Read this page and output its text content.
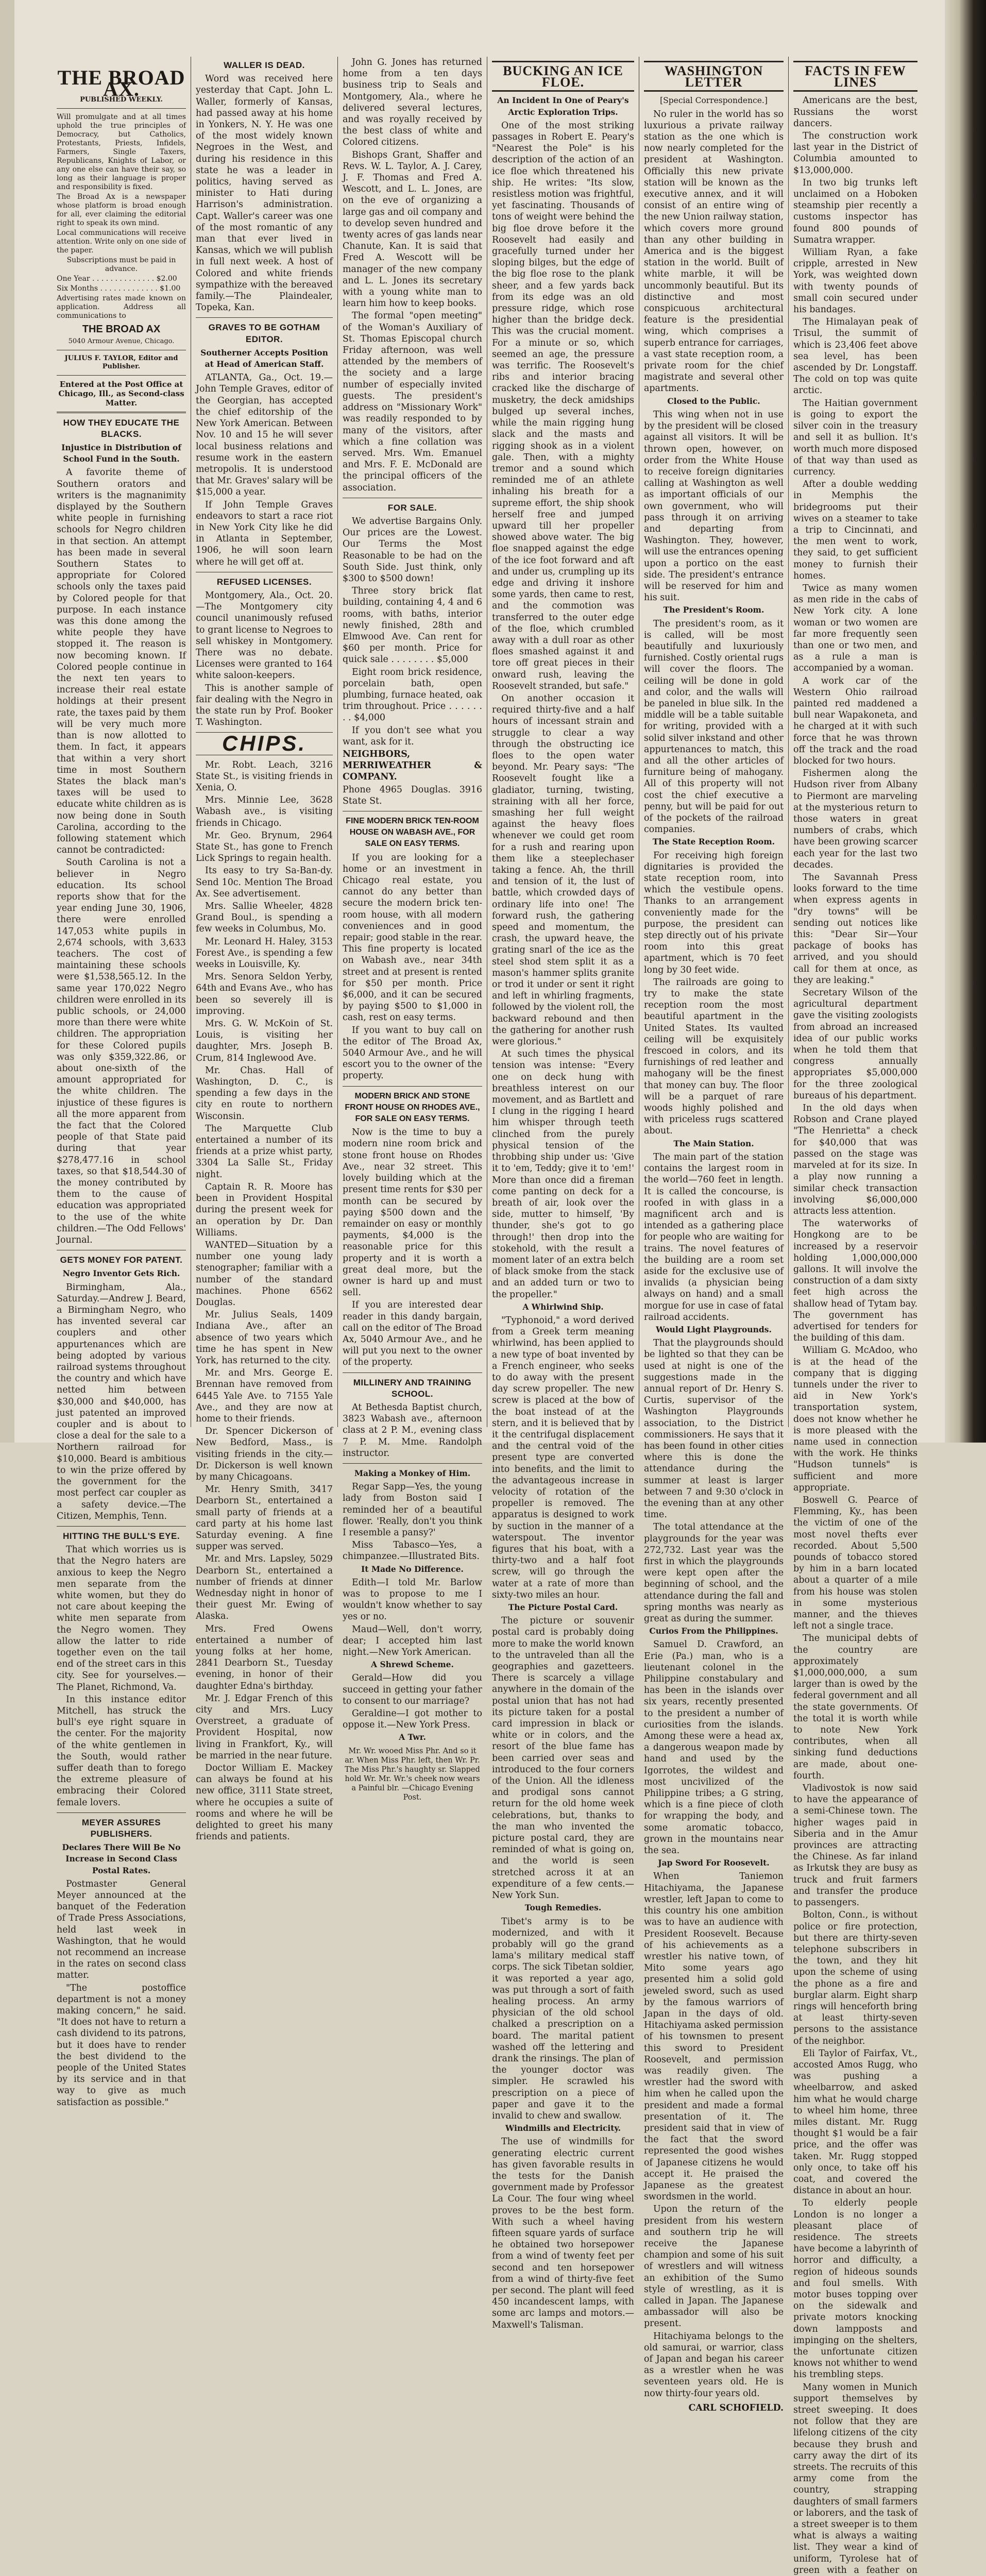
THE BROAD AX.
PUBLISHED WEEKLY.

Will promulgate and at all times uphold the true principles of Democracy, but Catholics, Protestants, Priests, Infidels, Farmers, Single Taxers, Republicans, Knights of Labor, or any one else can have their say, so long as their language is proper and responsibility is fixed.

The Broad Ax is a newspaper whose platform is broad enough for all, ever claiming the editorial right to speak its own mind.

Local communications will receive attention. Write only on one side of the paper.

Subscriptions must be paid in advance.

One Year . . . . . . . . . . . . . . $2.00

Six Months . . . . . . . . . . . . . $1.00

Advertising rates made known on application. Address all communications to

THE BROAD AX
5040 Armour Avenue, Chicago.
JULIUS F. TAYLOR, Editor and Publisher.
Entered at the Post Office at Chicago, Ill., as Second-class Matter.
HOW THEY EDUCATE THE BLACKS.
Injustice in Distribution of School Fund in the South.

A favorite theme of Southern orators and writers is the magnanimity displayed by the Southern white people in furnishing schools for Negro children in that section. An attempt has been made in several Southern States to appropriate for Colored schools only the taxes paid by Colored people for that purpose. In each instance was this done among the white people they have stopped it. The reason is now becoming known. If Colored people continue in the next ten years to increase their real estate holdings at their present rate, the taxes paid by them will be very much more than is now allotted to them. In fact, it appears that within a very short time in most Southern States the black man's taxes will be used to educate white children as is now being done in South Carolina, according to the following statement which cannot be contradicted:

South Carolina is not a believer in Negro education. Its school reports show that for the year ending June 30, 1906, there were enrolled 147,053 white pupils in 2,674 schools, with 3,633 teachers. The cost of maintaining these schools were $1,538,565.12. In the same year 170,022 Negro children were enrolled in its public schools, or 24,000 more than there were white children. The appropriation for these Colored pupils was only $359,322.86, or about one-sixth of the amount appropriated for the white children. The injustice of these figures is all the more apparent from the fact that the Colored people of that State paid during that year $278,477.16 in school taxes, so that $18,544.30 of the money contributed by them to the cause of education was appropriated to the use of the white children.—The Odd Fellows' Journal.

GETS MONEY FOR PATENT.
Negro Inventor Gets Rich.

Birmingham, Ala., Saturday.—Andrew J. Beard, a Birmingham Negro, who has invented several car couplers and other appurtenances which are being adopted by various railroad systems throughout the country and which have netted him between $30,000 and $40,000, has just patented an improved coupler and is about to close a deal for the sale to a Northern railroad for $10,000. Beard is ambitious to win the prize offered by the government for the most perfect car coupler as a safety device.—The Citizen, Memphis, Tenn.

HITTING THE BULL'S EYE.

That which worries us is that the Negro haters are anxious to keep the Negro men separate from the white women, but they do not care about keeping the white men separate from the Negro women. They allow the latter to ride together even on the tail end of the street cars in this city. See for yourselves.—The Planet, Richmond, Va.

In this instance editor Mitchell, has struck the bull's eye right square in the center. For the majority of the white gentlemen in the South, would rather suffer death than to forego the extreme pleasure of embracing their Colored female lovers.

MEYER ASSURES PUBLISHERS.
Declares There Will Be No Increase in Second Class Postal Rates.

Postmaster General Meyer announced at the banquet of the Federation of Trade Press Associations, held last week in Washington, that he would not recommend an increase in the rates on second class matter.

"The postoffice department is not a money making concern," he said. "It does not have to return a cash dividend to its patrons, but it does have to render the best dividend to the people of the United States by its service and in that way to give as much satisfaction as possible."

WALLER IS DEAD.

Word was received here yesterday that Capt. John L. Waller, formerly of Kansas, had passed away at his home in Yonkers, N. Y. He was one of the most widely known Negroes in the West, and during his residence in this state he was a leader in politics, having served as minister to Hati during Harrison's administration. Capt. Waller's career was one of the most romantic of any man that ever lived in Kansas, which we will publish in full next week. A host of Colored and white friends sympathize with the bereaved family.—The Plaindealer, Topeka, Kan.

GRAVES TO BE GOTHAM EDITOR.
Southerner Accepts Position at Head of American Staff.

ATLANTA, Ga., Oct. 19.—John Temple Graves, editor of the Georgian, has accepted the chief editorship of the New York American. Between Nov. 10 and 15 he will sever local business relations and resume work in the eastern metropolis. It is understood that Mr. Graves' salary will be $15,000 a year.

If John Temple Graves endeavors to start a race riot in New York City like he did in Atlanta in September, 1906, he will soon learn where he will get off at.

REFUSED LICENSES.

Montgomery, Ala., Oct. 20.—The Montgomery city council unanimously refused to grant license to Negroes to sell whiskey in Montgomery. There was no debate. Licenses were granted to 164 white saloon-keepers.

This is another sample of fair dealing with the Negro in the state run by Prof. Booker T. Washington.

CHIPS.

Mr. Robt. Leach, 3216 State St., is visiting friends in Xenia, O.

Mrs. Minnie Lee, 3628 Wabash ave., is visiting friends in Chicago.

Mr. Geo. Brynum, 2964 State St., has gone to French Lick Springs to regain health.

Its easy to try Sa-Ban-dy. Send 10c. Mention The Broad Ax. See advertisement.

Mrs. Sallie Wheeler, 4828 Grand Boul., is spending a few weeks in Columbus, Mo.

Mr. Leonard H. Haley, 3153 Forest Ave., is spending a few weeks in Louisville, Ky.

Mrs. Senora Seldon Yerby, 64th and Evans Ave., who has been so severely ill is improving.

Mrs. G. W. McKoin of St. Louis, is visiting her daughter, Mrs. Joseph B. Crum, 814 Inglewood Ave.

Mr. Chas. Hall of Washington, D. C., is spending a few days in the city en route to northern Wisconsin.

The Marquette Club entertained a number of its friends at a prize whist party, 3304 La Salle St., Friday night.

Captain R. R. Moore has been in Provident Hospital during the present week for an operation by Dr. Dan Williams.

WANTED—Situation by a number one young lady stenographer; familiar with a number of the standard machines. Phone 6562 Douglas.

Mr. Julius Seals, 1409 Indiana Ave., after an absence of two years which time he has spent in New York, has returned to the city.

Mr. and Mrs. George E. Brennan have removed from 6445 Yale Ave. to 7155 Yale Ave., and they are now at home to their friends.

Dr. Spencer Dickerson of New Bedford, Mass., is visiting friends in the city.—Dr. Dickerson is well known by many Chicagoans.

Mr. Henry Smith, 3417 Dearborn St., entertained a small party of friends at a card party at his home last Saturday evening. A fine supper was served.

Mr. and Mrs. Lapsley, 5029 Dearborn St., entertained a number of friends at dinner Wednesday night in honor of their guest Mr. Ewing of Alaska.

Mrs. Fred Owens entertained a number of young folks at her home, 2841 Dearborn St., Tuesday evening, in honor of their daughter Edna's birthday.

Mr. J. Edgar French of this city and Mrs. Lucy Overstreet, a graduate of Provident Hospital, now living in Frankfort, Ky., will be married in the near future.

Doctor William E. Mackey can always be found at his new office, 3111 State street, where he occupies a suite of rooms and where he will be delighted to greet his many friends and patients.

John G. Jones has returned home from a ten days business trip to Seals and Montgomery, Ala., where he delivered several lectures, and was royally received by the best class of white and Colored citizens.

Bishops Grant, Shaffer and Revs. W. L. Taylor, A. J. Carey, J. F. Thomas and Fred A. Wescott, and L. L. Jones, are on the eve of organizing a large gas and oil company and to develop seven hundred and twenty acres of gas lands near Chanute, Kan. It is said that Fred A. Wescott will be manager of the new company and L. L. Jones its secretary with a young white man to learn him how to keep books.

The formal "open meeting" of the Woman's Auxiliary of St. Thomas Episcopal church Friday afternoon, was well attended by the members of the society and a large number of especially invited guests. The president's address on "Missionary Work" was readily responded to by many of the visitors, after which a fine collation was served. Mrs. Wm. Emanuel and Mrs. F. E. McDonald are the principal officers of the association.

FOR SALE.

We advertise Bargains Only. Our prices are the Lowest. Our Terms the Most Reasonable to be had on the South Side. Just think, only $300 to $500 down!

Three story brick flat building, containing 4, 4 and 6 rooms, with baths, interior newly finished, 28th and Elmwood Ave. Can rent for $60 per month. Price for quick sale . . . . . . . . $5,000

Eight room brick residence, porcelain bath, open plumbing, furnace heated, oak trim throughout. Price . . . . . . . . $4,000

If you don't see what you want, ask for it.

NEIGHBORS, MERRIWEATHER & COMPANY.

Phone 4965 Douglas. 3916 State St.

FINE MODERN BRICK TEN-ROOM HOUSE ON WABASH AVE., FOR SALE ON EASY TERMS.

If you are looking for a home or an investment in Chicago real estate, you cannot do any better than secure the modern brick ten-room house, with all modern conveniences and in good repair; good stable in the rear. This fine property is located on Wabash ave., near 34th street and at present is rented for $50 per month. Price $6,000, and it can be secured by paying $500 to $1,000 in cash, rest on easy terms.

If you want to buy call on the editor of The Broad Ax, 5040 Armour Ave., and he will escort you to the owner of the property.

MODERN BRICK AND STONE FRONT HOUSE ON RHODES AVE., FOR SALE ON EASY TERMS.

Now is the time to buy a modern nine room brick and stone front house on Rhodes Ave., near 32 street. This lovely building which at the present time rents for $30 per month can be secured by paying $500 down and the remainder on easy or monthly payments, $4,000 is the reasonable price for this property and it is worth a great deal more, but the owner is hard up and must sell.

If you are interested dear reader in this dandy bargain, call on the editor of The Broad Ax, 5040 Armour Ave., and he will put you next to the owner of the property.

MILLINERY AND TRAINING SCHOOL.

At Bethesda Baptist church, 3823 Wabash ave., afternoon class at 2 P. M., evening class 7 P. M. Mme. Randolph instructor.

Making a Monkey of Him.

Regar Sapp—Yes, the young lady from Boston said I reminded her of a beautiful flower. 'Really, don't you think I resemble a pansy?'

Miss Tabasco—Yes, a chimpanzee.—Illustrated Bits.

It Made No Difference.

Edith—I told Mr. Barlow was to propose to me I wouldn't know whether to say yes or no.

Maud—Well, don't worry, dear; I accepted him last night.—New York American.

A Shrewd Scheme.

Gerald—How did you succeed in getting your father to consent to our marriage?

Geraldine—I got mother to oppose it.—New York Press.

A Twr.
Mr. Wr. wooed Miss Phr. And so it ar. When Miss Phr. left, then Wr. Pr. The Miss Phr.'s haughty sr. Slapped hold Wr. Mr. Wr.'s cheek now wears a Painful blr. —Chicago Evening Post.
BUCKING AN ICE FLOE.
An Incident In One of Peary's Arctic Exploration Trips.

One of the most striking passages in Robert E. Peary's "Nearest the Pole" is his description of the action of an ice floe which threatened his ship. He writes: "Its slow, resistless motion was frightful, yet fascinating. Thousands of tons of weight were behind the big floe drove before it the Roosevelt had easily and gracefully turned under her sloping bilges, but the edge of the big floe rose to the plank sheer, and a few yards back from its edge was an old pressure ridge, which rose higher than the bridge deck. This was the crucial moment. For a minute or so, which seemed an age, the pressure was terrific. The Roosevelt's ribs and interior bracing cracked like the discharge of musketry, the deck amidships bulged up several inches, while the main rigging hung slack and the masts and rigging shook as in a violent gale. Then, with a mighty tremor and a sound which reminded me of an athlete inhaling his breath for a supreme effort, the ship shook herself free and jumped upward till her propeller showed above water. The big floe snapped against the edge of the ice foot forward and aft and under us, crumpling up its edge and driving it inshore some yards, then came to rest, and the commotion was transferred to the outer edge of the floe, which crumbled away with a dull roar as other floes smashed against it and tore off great pieces in their onward rush, leaving the Roosevelt stranded, but safe."

On another occasion it required thirty-five and a half hours of incessant strain and struggle to clear a way through the obstructing ice floes to the open water beyond. Mr. Peary says: "The Roosevelt fought like a gladiator, turning, twisting, straining with all her force, smashing her full weight against the heavy floes whenever we could get room for a rush and rearing upon them like a steeplechaser taking a fence. Ah, the thrill and tension of it, the lust of battle, which crowded days of ordinary life into one! The forward rush, the gathering speed and momentum, the crash, the upward heave, the grating snarl of the ice as the steel shod stem split it as a mason's hammer splits granite or trod it under or sent it right and left in whirling fragments, followed by the violent roll, the backward rebound and then the gathering for another rush were glorious."

At such times the physical tension was intense: "Every one on deck hung with breathless interest on our movement, and as Bartlett and I clung in the rigging I heard him whisper through teeth clinched from the purely physical tension of the throbbing ship under us: 'Give it to 'em, Teddy; give it to 'em!' More than once did a fireman come panting on deck for a breath of air, look over the side, mutter to himself, 'By thunder, she's got to go through!' then drop into the stokehold, with the result a moment later of an extra belch of black smoke from the stack and an added turn or two to the propeller."

A Whirlwind Ship.

"Typhonoid," a word derived from a Greek term meaning whirlwind, has been applied to a new type of boat invented by a French engineer, who seeks to do away with the present day screw propeller. The new screw is placed at the bow of the boat instead of at the stern, and it is believed that by it the centrifugal displacement and the central void of the present type are converted into benefits, and the limit to the advantageous increase in velocity of rotation of the propeller is removed. The apparatus is designed to work by suction in the manner of a waterspout. The inventor figures that his boat, with a thirty-two and a half foot screw, will go through the water at a rate of more than sixty-two miles an hour.

The Picture Postal Card.

The picture or souvenir postal card is probably doing more to make the world known to the untraveled than all the geographies and gazetteers. There is scarcely a village anywhere in the domain of the postal union that has not had its picture taken for a postal card impression in black or white or in colors, and the resort of the blue fame has been carried over seas and introduced to the four corners of the Union. All the idleness and prodigal sons cannot return for the old home week celebrations, but, thanks to the man who invented the picture postal card, they are reminded of what is going on, and the world is seen stretched across it at an expenditure of a few cents.—New York Sun.

Tough Remedies.

Tibet's army is to be modernized, and with it probably will go the grand lama's military medical staff corps. The sick Tibetan soldier, it was reported a year ago, was put through a sort of faith healing process. An army physician of the old school chalked a prescription on a board. The marital patient washed off the lettering and drank the rinsings. The plan of the younger doctor was simpler. He scrawled his prescription on a piece of paper and gave it to the invalid to chew and swallow.

Windmills and Electricity.

The use of windmills for generating electric current has given favorable results in the tests for the Danish government made by Professor La Cour. The four wing wheel proves to be the best form. With such a wheel having fifteen square yards of surface he obtained two horsepower from a wind of twenty feet per second and ten horsepower from a wind of thirty-five feet per second. The plant will feed 450 incandescent lamps, with some arc lamps and motors.—Maxwell's Talisman.

WASHINGTON LETTER
[Special Correspondence.]

No ruler in the world has so luxurious a private railway station as the one which is now nearly completed for the president at Washington. Officially this new private station will be known as the executive annex, and it will consist of an entire wing of the new Union railway station, which covers more ground than any other building in America and is the biggest station in the world. Built of white marble, it will be uncommonly beautiful. But its distinctive and most conspicuous architectural feature is the presidential wing, which comprises a superb entrance for carriages, a vast state reception room, a private room for the chief magistrate and several other apartments.

Closed to the Public.

This wing when not in use by the president will be closed against all visitors. It will be thrown open, however, on order from the White House to receive foreign dignitaries calling at Washington as well as important officials of our own government, who will pass through it on arriving and departing from Washington. They, however, will use the entrances opening upon a portico on the east side. The president's entrance will be reserved for him and his suit.

The President's Room.

The president's room, as it is called, will be most beautifully and luxuriously furnished. Costly oriental rugs will cover the floors. The ceiling will be done in gold and color, and the walls will be paneled in blue silk. In the middle will be a table suitable for writing, provided with a solid silver inkstand and other appurtenances to match, this and all the other articles of furniture being of mahogany. All of this property will not cost the chief executive a penny, but will be paid for out of the pockets of the railroad companies.

The State Reception Room.

For receiving high foreign dignitaries is provided the state reception room, into which the vestibule opens. Thanks to an arrangement conveniently made for the purpose, the president can step directly out of his private room into this great apartment, which is 70 feet long by 30 feet wide.

The railroads are going to try to make the state reception room the most beautiful apartment in the United States. Its vaulted ceiling will be exquisitely frescoed in colors, and its furnishings of red leather and mahogany will be the finest that money can buy. The floor will be a parquet of rare woods highly polished and with priceless rugs scattered about.

The Main Station.

The main part of the station contains the largest room in the world—760 feet in length. It is called the concourse, is roofed in with glass in a magnificent arch and is intended as a gathering place for people who are waiting for trains. The novel features of the building are a room set aside for the exclusive use of invalids (a physician being always on hand) and a small morgue for use in case of fatal railroad accidents.

Would Light Playgrounds.

That the playgrounds should be lighted so that they can be used at night is one of the suggestions made in the annual report of Dr. Henry S. Curtis, supervisor of the Washington Playgrounds association, to the District commissioners. He says that it has been found in other cities where this is done the attendance during the summer at least is larger between 7 and 9:30 o'clock in the evening than at any other time.

The total attendance at the playgrounds for the year was 272,732. Last year was the first in which the playgrounds were kept open after the beginning of school, and the attendance during the fall and spring months was nearly as great as during the summer.

Curios From the Philippines.

Samuel D. Crawford, an Erie (Pa.) man, who is a lieutenant colonel in the Philippine constabulary and has been in the islands over six years, recently presented to the president a number of curiosities from the islands. Among these were a head ax, a dangerous weapon made by hand and used by the Igorrotes, the wildest and most uncivilized of the Philippine tribes; a G string, which is a fine piece of cloth for wrapping the body, and some aromatic tobacco, grown in the mountains near the sea.

Jap Sword For Roosevelt.

When Taniemon Hitachiyama, the Japanese wrestler, left Japan to come to this country his one ambition was to have an audience with President Roosevelt. Because of his achievements as a wrestler his native town, of Mito some years ago presented him a solid gold jeweled sword, such as used by the famous warriors of Japan in the days of old. Hitachiyama asked permission of his townsmen to present this sword to President Roosevelt, and permission was readily given. The wrestler had the sword with him when he called upon the president and made a formal presentation of it. The president said that in view of the fact that the sword represented the good wishes of Japanese citizens he would accept it. He praised the Japanese as the greatest swordsmen in the world.

Upon the return of the president from his western and southern trip he will receive the Japanese champion and some of his suit of wrestlers and will witness an exhibition of the Sumo style of wrestling, as it is called in Japan. The Japanese ambassador will also be present.

Hitachiyama belongs to the old samurai, or warrior, class of Japan and began his career as a wrestler when he was seventeen years old. He is now thirty-four years old.

CARL SCHOFIELD.
FACTS IN FEW LINES

Americans are the best, Russians the worst dancers.

The construction work last year in the District of Columbia amounted to $13,000,000.

In two big trunks left unclaimed on a Hoboken steamship pier recently a customs inspector has found 800 pounds of Sumatra wrapper.

William Ryan, a fake cripple, arrested in New York, was weighted down with twenty pounds of small coin secured under his bandages.

The Himalayan peak of Trisul, the summit of which is 23,406 feet above sea level, has been ascended by Dr. Longstaff. The cold on top was quite arctic.

The Haitian government is going to export the silver coin in the treasury and sell it as bullion. It's worth much more disposed of that way than used as currency.

After a double wedding in Memphis the bridegrooms put their wives on a steamer to take a trip to Cincinnati, and the men went to work, they said, to get sufficient money to furnish their homes.

Twice as many women as men ride in the cabs of New York city. A lone woman or two women are far more frequently seen than one or two men, and as a rule a man is accompanied by a woman.

A work car of the Western Ohio railroad painted red maddened a bull near Wapakoneta, and he charged at it with such force that he was thrown off the track and the road blocked for two hours.

Fishermen along the Hudson river from Albany to Piermont are marveling at the mysterious return to those waters in great numbers of crabs, which have been growing scarcer each year for the last two decades.

The Savannah Press looks forward to the time when express agents in "dry towns" will be sending out notices like this: "Dear Sir—Your package of books has arrived, and you should call for them at once, as they are leaking."

Secretary Wilson of the agricultural department gave the visiting zoologists from abroad an increased idea of our public works when he told them that congress annually appropriates $5,000,000 for the three zoological bureaus of his department.

In the old days when Robson and Crane played "The Henrietta" a check for $40,000 that was passed on the stage was marveled at for its size. In a play now running a similar check transaction involving $6,000,000 attracts less attention.

The waterworks of Hongkong are to be increased by a reservoir holding 1,000,000,000 gallons. It will involve the construction of a dam sixty feet high across the shallow head of Tytam bay. The government has advertised for tenders for the building of this dam.

William G. McAdoo, who is at the head of the company that is digging tunnels under the river to aid in New York's transportation system, does not know whether he is more pleased with the name used in connection with the work. He thinks "Hudson tunnels" is sufficient and more appropriate.

Boswell G. Pearce of Flemming, Ky., has been the victim of one of the most novel thefts ever recorded. About 5,500 pounds of tobacco stored by him in a barn located about a quarter of a mile from his house was stolen in some mysterious manner, and the thieves left not a single trace.

The municipal debts of the country are approximately $1,000,000,000, a sum larger than is owed by the federal government and all the state governments. Of the total it is worth while to note New York contributes, when all sinking fund deductions are made, about one-fourth.

Vladivostok is now said to have the appearance of a semi-Chinese town. The higher wages paid in Siberia and in the Amur provinces are attracting the Chinese. As far inland as Irkutsk they are busy as truck and fruit farmers and transfer the produce to passengers.

Bolton, Conn., is without police or fire protection, but there are thirty-seven telephone subscribers in the town, and they hit upon the scheme of using the phone as a fire and burglar alarm. Eight sharp rings will henceforth bring at least thirty-seven persons to the assistance of the neighbor.

Eli Taylor of Fairfax, Vt., accosted Amos Rugg, who was pushing a wheelbarrow, and asked him what he would charge to wheel him home, three miles distant. Mr. Rugg thought $1 would be a fair price, and the offer was taken. Mr. Rugg stopped only once, to take off his coat, and covered the distance in about an hour.

To elderly people London is no longer a pleasant place of residence. The streets have become a labyrinth of horror and difficulty, a region of hideous sounds and foul smells. With motor buses topping over on the sidewalk and private motors knocking down lampposts and impinging on the shelters, the unfortunate citizen knows not whither to wend his trembling steps.

Many women in Munich support themselves by street sweeping. It does not follow that they are lifelong citizens of the city because they brush and carry away the dirt of its streets. The recruits of this army come from the country, strapping daughters of small farmers or laborers, and the task of a street sweeper is to them what is always a waiting list. They wear a kind of uniform, Tyrolese hat of green with a feather on
